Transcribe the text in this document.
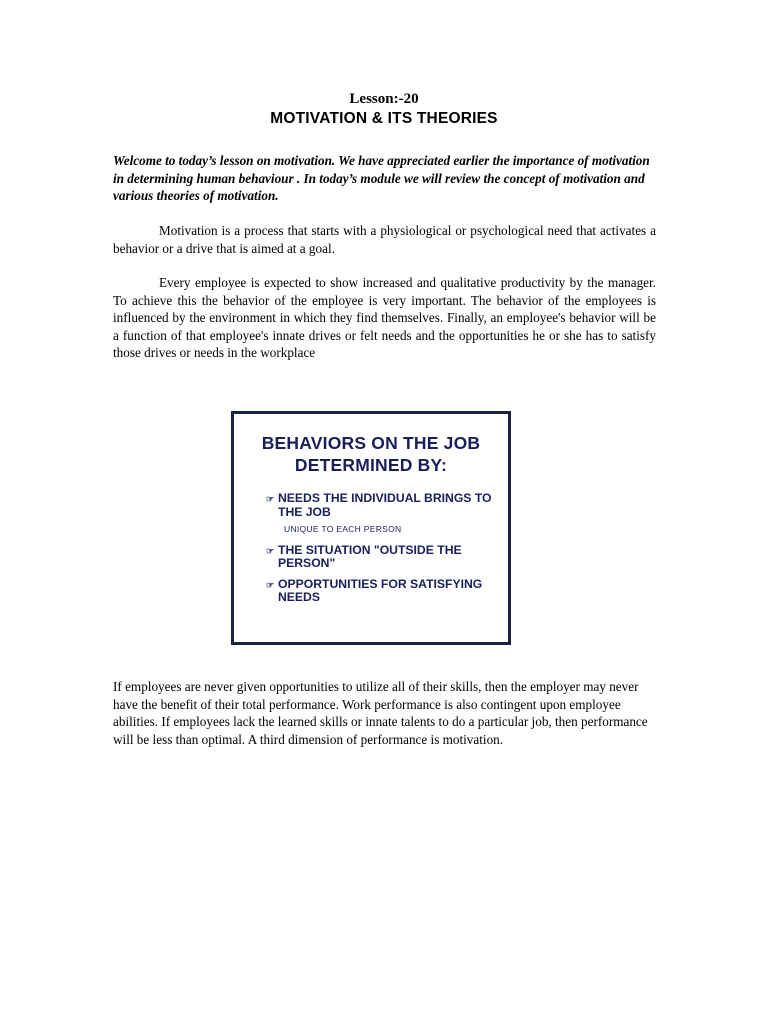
Lesson:-20
MOTIVATION & ITS THEORIES

Welcome to today’s lesson on motivation. We have appreciated earlier the importance of motivation in determining human behaviour . In today’s module we will review the concept of motivation and various theories of motivation.

Motivation is a process that starts with a physiological or psychological need that activates a behavior or a drive that is aimed at a goal.

Every employee is expected to show increased and qualitative productivity by the manager. To achieve this the behavior of the employee is very important. The behavior of the employees is influenced by the environment in which they find themselves. Finally, an employee's behavior will be a function of that employee's innate drives or felt needs and the opportunities he or she has to satisfy those drives or needs in the workplace

BEHAVIORS ON THE JOB
DETERMINED BY:
☞ NEEDS THE INDIVIDUAL BRINGS TO THE JOB
UNIQUE TO EACH PERSON
☞ THE SITUATION "OUTSIDE THE PERSON"
☞ OPPORTUNITIES FOR SATISFYING NEEDS

If employees are never given opportunities to utilize all of their skills, then the employer may never have the benefit of their total performance. Work performance is also contingent upon employee abilities. If employees lack the learned skills or innate talents to do a particular job, then performance will be less than optimal. A third dimension of performance is motivation.
